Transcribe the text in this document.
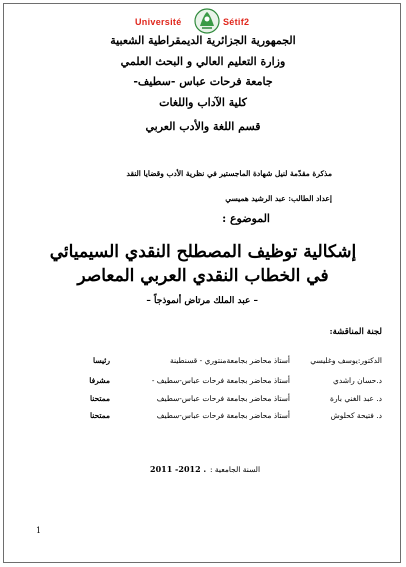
Université	Sétif2
الجمهورية الجزائرية الديمقراطية الشعبية
وزارة التعليم العالي و البحث العلمي
جامعة فرحات عباس -سطيف-
كلية الآداب واللغات
قسم اللغة والأدب العربي
مذكرة مقدّمة لنيل شهادة الماجستير في نظرية الأدب وقضايا النقد
إعداد الطالب: عبد الرشيد هميسي
الموضوع :
إشكالية توظيف المصطلح النقدي السيميائي
في الخطاب النقدي العربي المعاصر
– عبد الملك مرتاض أنموذجاً –
لجنة المناقشة:
الدكتور:يوسف وغليسي
أستاذ محاضر بجامعةمنتوري - قسنطينة
رئيسا
د.حسان راشدي
أستاذ محاضر بجامعة فرحات عباس-سطيف -
مشرفا
د. عبد الغني بارة
أستاذ محاضر بجامعة فرحات عباس-سطيف
ممتحنا
د. فتيحة كحلوش
أستاذ محاضر بجامعة فرحات عباس-سطيف
ممتحنا
2011 -2012 . السنة الجامعية :
1
